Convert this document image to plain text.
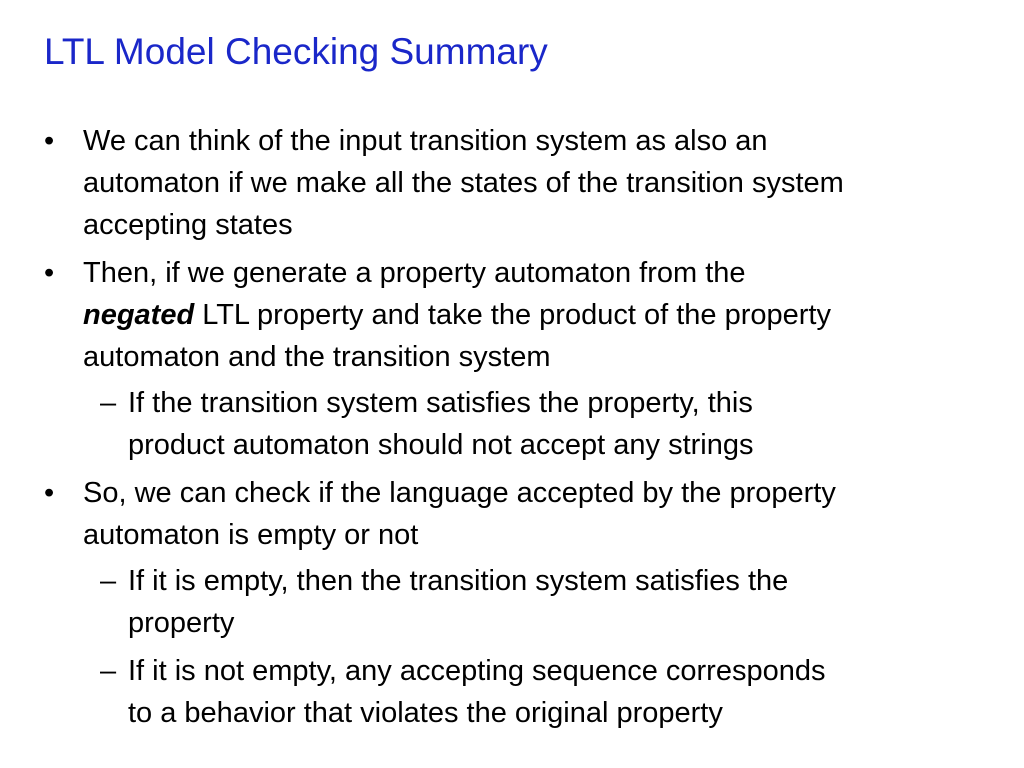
LTL Model Checking Summary
• We can think of the input transition system as also an
automaton if we make all the states of the transition system
accepting states
• Then, if we generate a property automaton from the
negated LTL property and take the product of the property
automaton and the transition system
– If the transition system satisfies the property, this
product automaton should not accept any strings
• So, we can check if the language accepted by the property
automaton is empty or not
– If it is empty, then the transition system satisfies the
property
– If it is not empty, any accepting sequence corresponds
to a behavior that violates the original property
